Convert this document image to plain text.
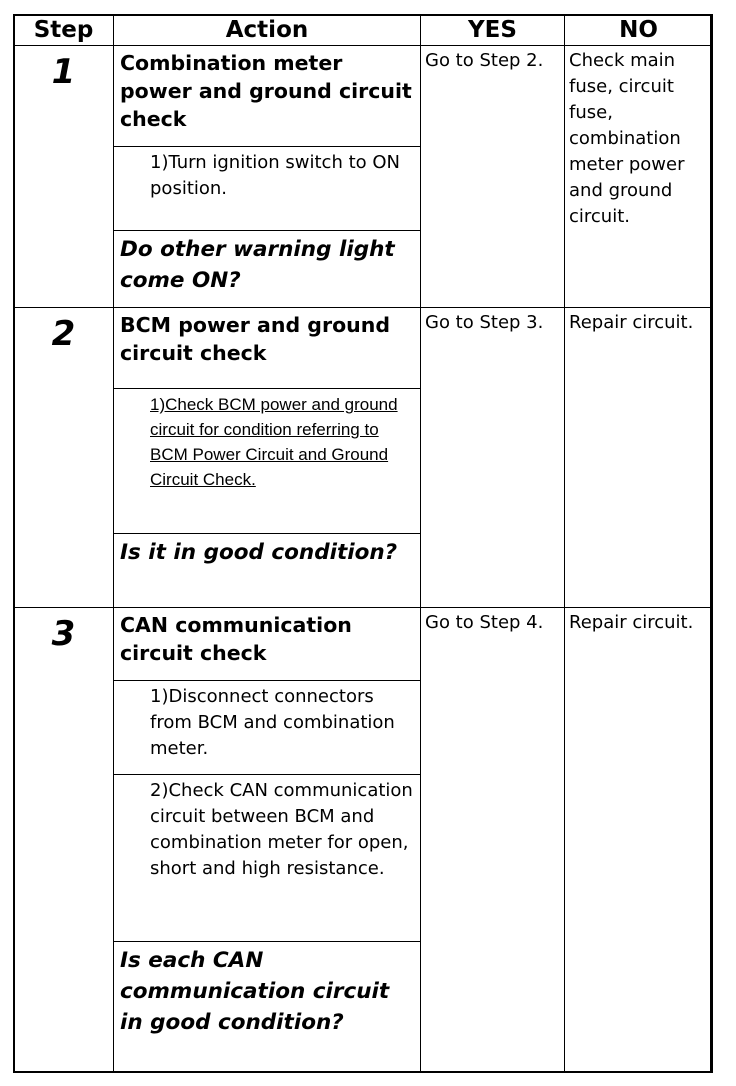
Step	Action	YES	NO
1	Combination meter power and ground circuit check	Go to Step 2.	Check main fuse, circuit fuse, combination meter power and ground circuit.
	1)Turn ignition switch to ON position.		
	Do other warning light come ON?		
2	BCM power and ground circuit check	Go to Step 3.	Repair circuit.
	1)Check BCM power and ground circuit for condition referring to BCM Power Circuit and Ground Circuit Check.		
	Is it in good condition?		
3	CAN communication circuit check	Go to Step 4.	Repair circuit.
	1)Disconnect connectors from BCM and combination meter.		
	2)Check CAN communication circuit between BCM and combination meter for open, short and high resistance.		
	Is each CAN communication circuit in good condition?		
